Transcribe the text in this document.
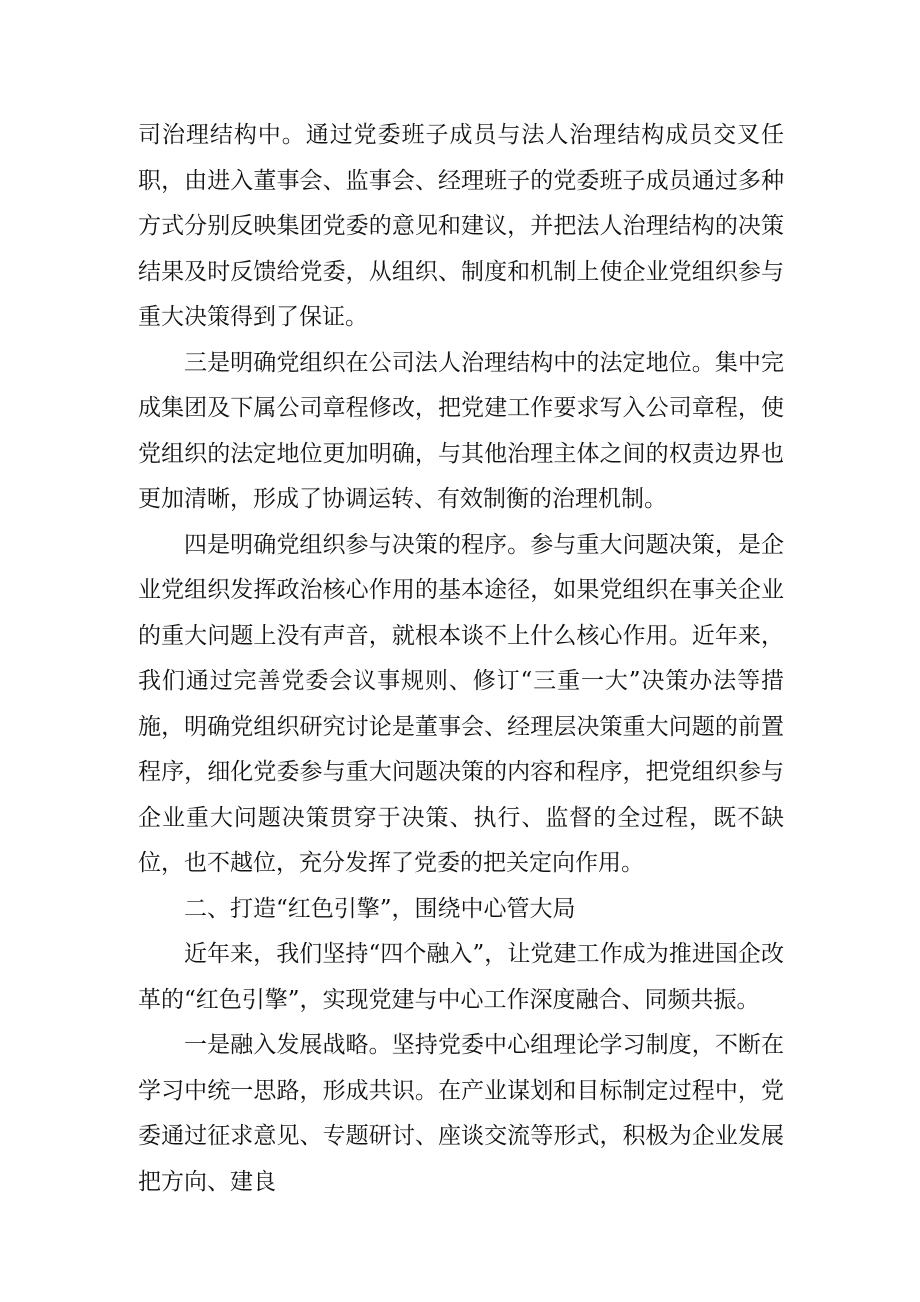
司治理结构中。通过党委班子成员与法人治理结构成员交叉任职，由进入董事会、监事会、经理班子的党委班子成员通过多种方式分别反映集团党委的意见和建议，并把法人治理结构的决策结果及时反馈给党委，从组织、制度和机制上使企业党组织参与重大决策得到了保证。

三是明确党组织在公司法人治理结构中的法定地位。集中完成集团及下属公司章程修改，把党建工作要求写入公司章程，使党组织的法定地位更加明确，与其他治理主体之间的权责边界也更加清晰，形成了协调运转、有效制衡的治理机制。

四是明确党组织参与决策的程序。参与重大问题决策，是企业党组织发挥政治核心作用的基本途径，如果党组织在事关企业的重大问题上没有声音，就根本谈不上什么核心作用。近年来，我们通过完善党委会议事规则、修订“三重一大”决策办法等措施，明确党组织研究讨论是董事会、经理层决策重大问题的前置程序，细化党委参与重大问题决策的内容和程序，把党组织参与企业重大问题决策贯穿于决策、执行、监督的全过程，既不缺位，也不越位，充分发挥了党委的把关定向作用。

二、打造“红色引擎”，围绕中心管大局

近年来，我们坚持“四个融入”，让党建工作成为推进国企改革的“红色引擎”，实现党建与中心工作深度融合、同频共振。

一是融入发展战略。坚持党委中心组理论学习制度，不断在学习中统一思路，形成共识。在产业谋划和目标制定过程中，党委通过征求意见、专题研讨、座谈交流等形式，积极为企业发展把方向、建良
